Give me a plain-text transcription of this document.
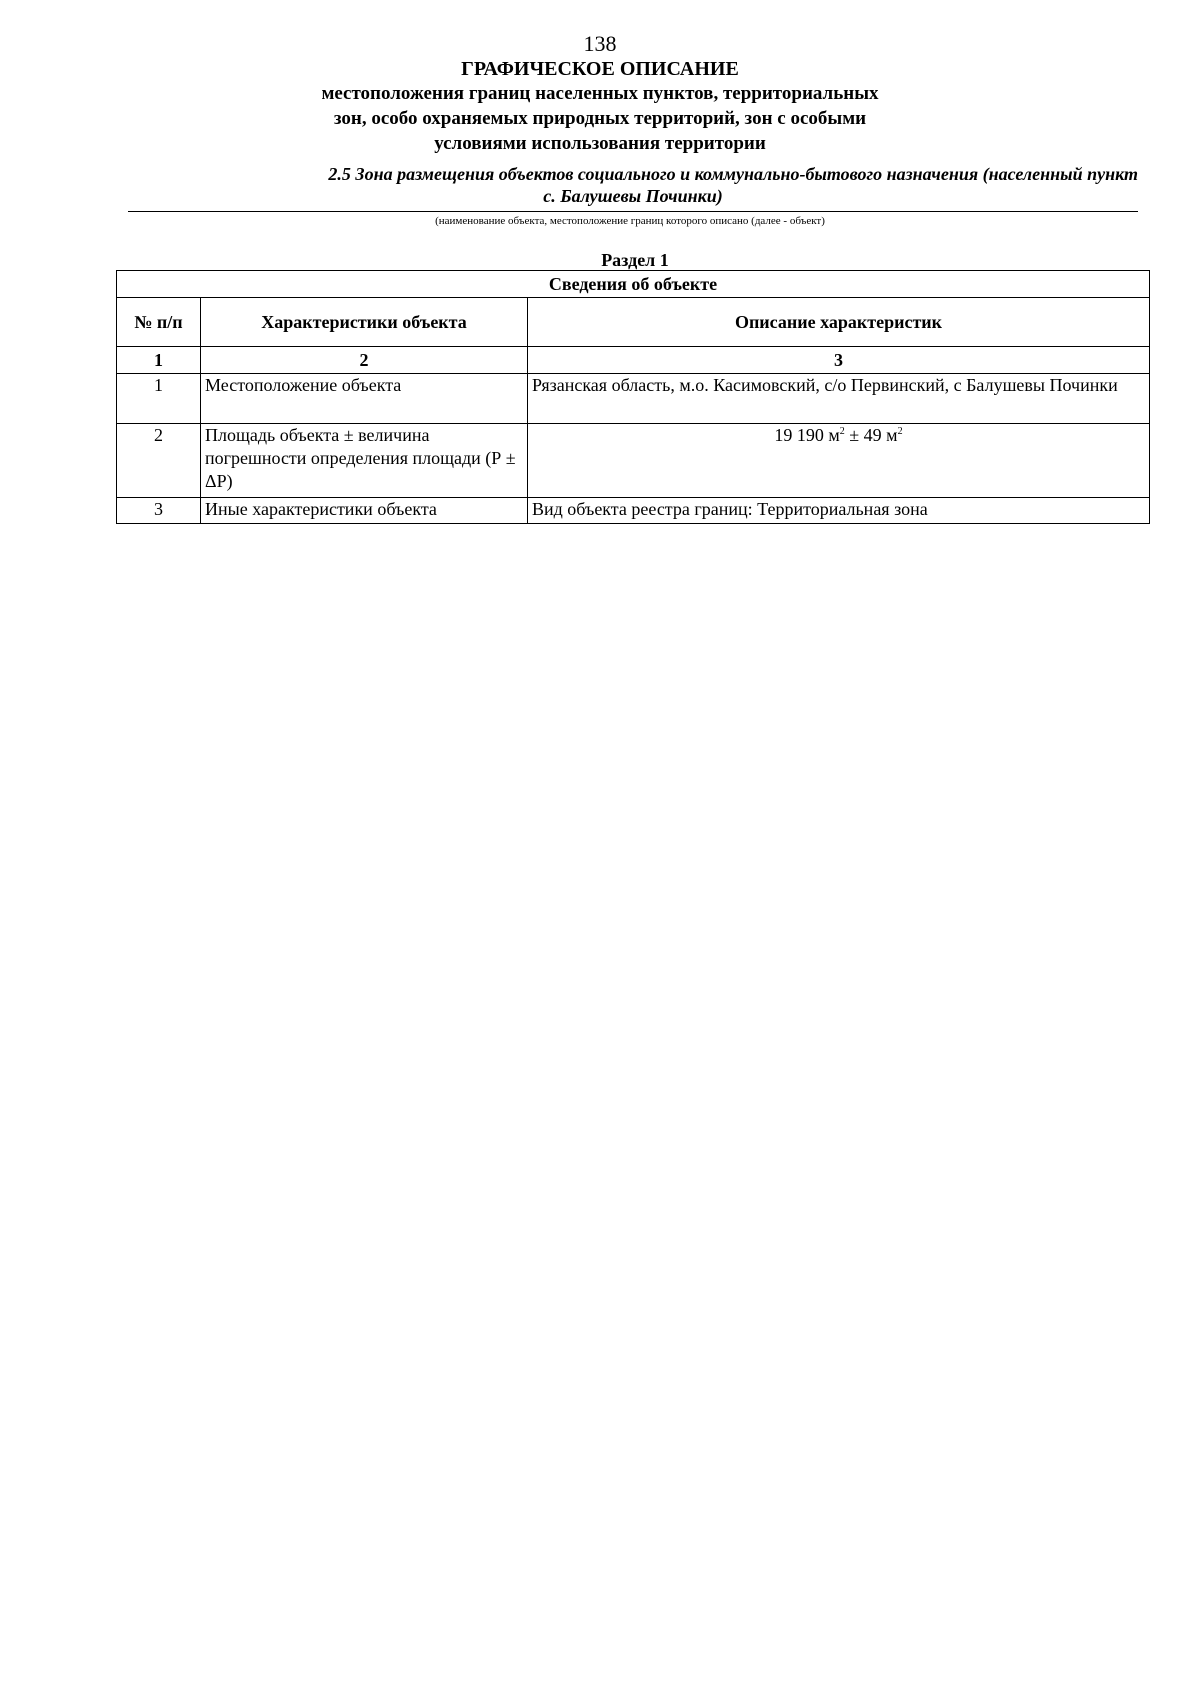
138
ГРАФИЧЕСКОЕ ОПИСАНИЕ
местоположения границ населенных пунктов, территориальных
зон, особо охраняемых природных территорий, зон с особыми
условиями использования территории
2.5 Зона размещения объектов социального и коммунально-бытового назначения (населенный пункт
с. Балушевы Починки)
(наименование объекта, местоположение границ которого описано (далее - объект)
Раздел 1
Сведения об объекте		
№ п/п	Характеристики объекта	Описание характеристик
1	2	3
1	Местоположение объекта	Рязанская область, м.о. Касимовский, с/о Первинский, с Балушевы Починки
2	Площадь объекта ± величина погрешности определения площади (Р ± ΔР)	19 190 $м^2 \pm 49$ $м^2$
3	Иные характеристики объекта	Вид объекта реестра границ: Территориальная зона
